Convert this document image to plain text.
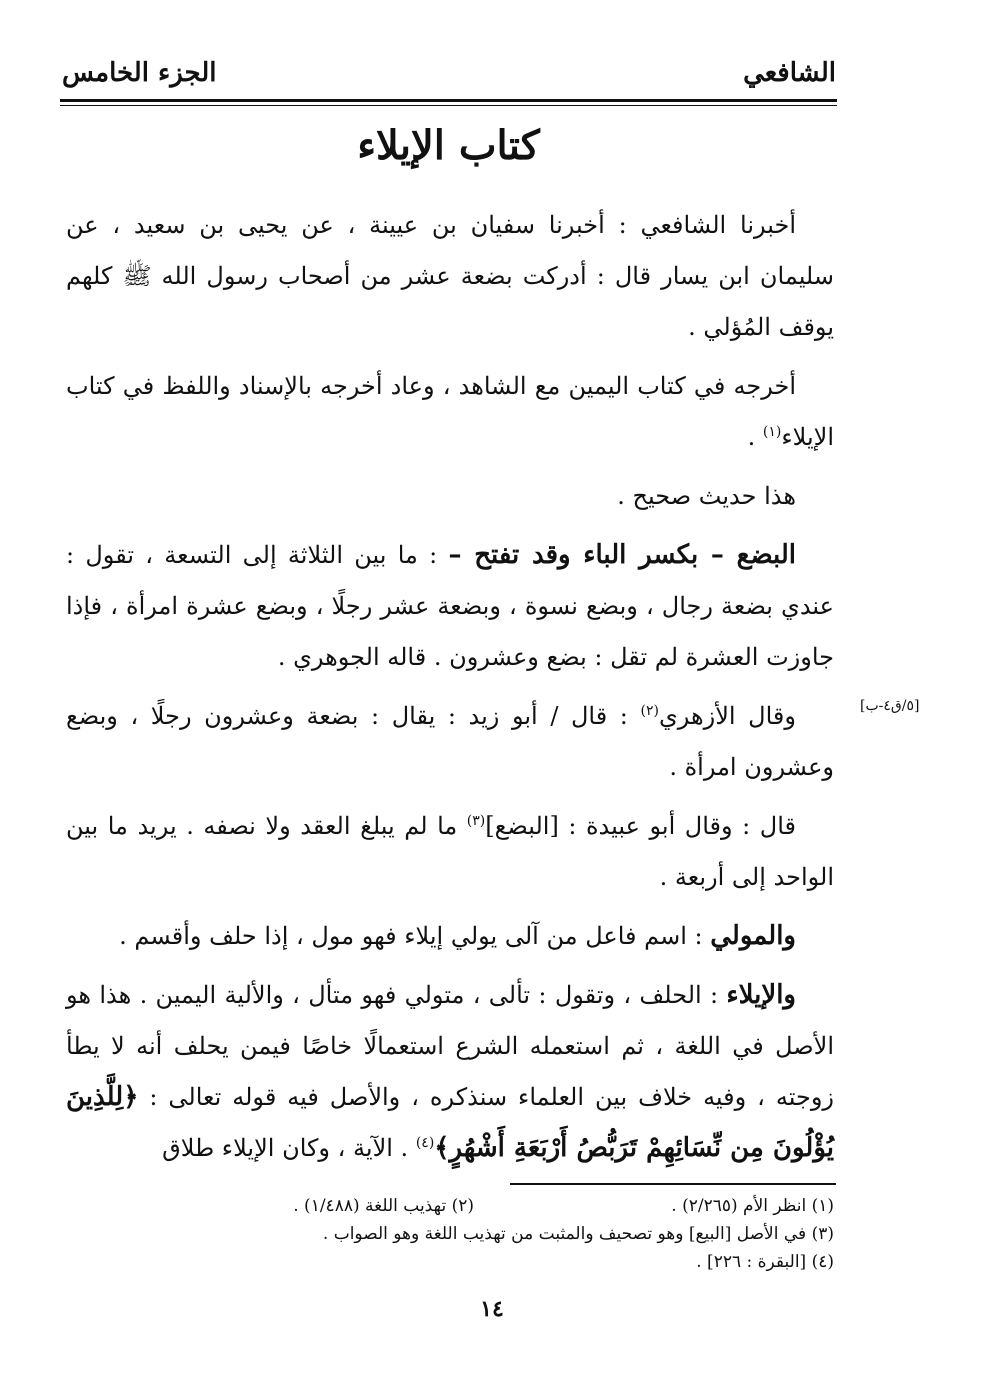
الشافعي
الجزء الخامس
كتاب الإيلاء

أخبرنا الشافعي : أخبرنا سفيان بن عيينة ، عن يحيى بن سعيد ، عن سليمان ابن يسار قال : أدركت بضعة عشر من أصحاب رسول الله ﷺ كلهم يوقف المُؤلي .

أخرجه في كتاب اليمين مع الشاهد ، وعاد أخرجه بالإسناد واللفظ في كتاب الإيلاء$^{(١)}$ .

هذا حديث صحيح .

البضع – بكسر الباء وقد تفتح – : ما بين الثلاثة إلى التسعة ، تقول : عندي بضعة رجال ، وبضع نسوة ، وبضعة عشر رجلًا ، وبضع عشرة امرأة ، فإذا جاوزت العشرة لم تقل : بضع وعشرون . قاله الجوهري .

وقال الأزهري$^{(٢)}$ : قال / أبو زيد : يقال : بضعة وعشرون رجلًا ، وبضع وعشرون امرأة .

قال : وقال أبو عبيدة : [البضع]$^{(٣)}$ ما لم يبلغ العقد ولا نصفه . يريد ما بين الواحد إلى أربعة .

والمولي : اسم فاعل من آلى يولي إيلاء فهو مول ، إذا حلف وأقسم .

والإيلاء : الحلف ، وتقول : تألى ، متولي فهو متأل ، والألية اليمين . هذا هو الأصل في اللغة ، ثم استعمله الشرع استعمالًا خاصًا فيمن يحلف أنه لا يطأ زوجته ، وفيه خلاف بين العلماء سنذكره ، والأصل فيه قوله تعالى : ﴿لِلَّذِينَ يُؤْلُونَ مِن نِّسَائِهِمْ تَرَبُّصُ أَرْبَعَةِ أَشْهُرٍ﴾$^{(٤)}$ . الآية ، وكان الإيلاء طلاق

[٥/ق٤-ب]
(١) انظر الأم (٢/٢٦٥) .
(٢) تهذيب اللغة (١/٤٨٨) .
(٣) في الأصل [البيع] وهو تصحيف والمثبت من تهذيب اللغة وهو الصواب .
(٤) [البقرة : ٢٢٦] .
١٤
